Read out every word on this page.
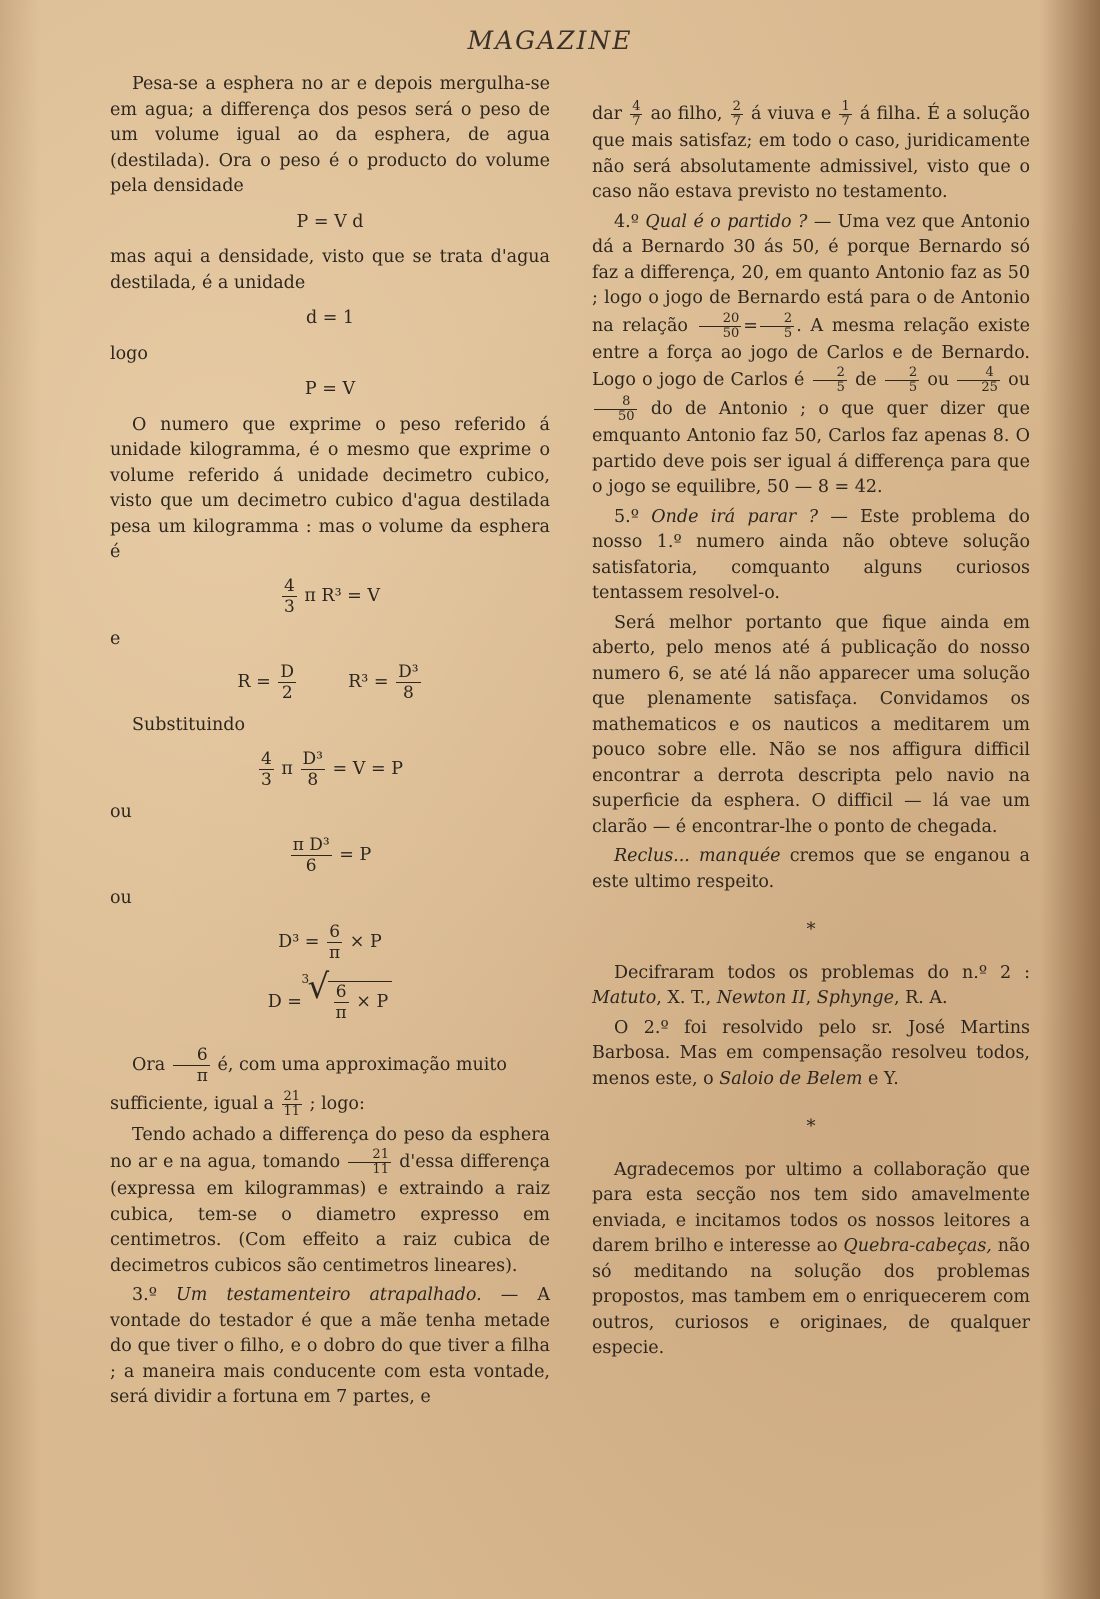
MAGAZINE

Pesa-se a esphera no ar e depois mergulha-se em agua; a differença dos pesos será o peso de um volume igual ao da esphera, de agua (destilada). Ora o peso é o producto do volume pela densidade

P = V d

mas aqui a densidade, visto que se trata d'agua destilada, é a unidade

d = 1
logo
P = V

O numero que exprime o peso referido á unidade kilogramma, é o mesmo que exprime o volume referido á unidade decimetro cubico, visto que um decimetro cubico d'agua destilada pesa um kilogramma : mas o volume da esphera é

$\frac{4}{3}$ π R³ = V
e
$R = \frac{D}{2}$	$R^3 = \frac{\text{D³}}{8}$
Substituindo
$\frac{4}{3}$ π $\frac{\text{D³}}{8} = V = P$
ou
$\frac{\text{π D³}}{6} = P$
ou
$D^3 = \frac{6}{\pi} \times P$
D =
3
√ $\frac{6}{\pi} \times P$

Ora $\frac{6}{\pi}$ é, com uma approximação muito

sufficiente, igual a $\frac{21}{11}$ ; logo:

Tendo achado a differença do peso da esphera no ar e na agua, tomando $\frac{21}{11}$ d'essa differença (expressa em kilogrammas) e extraindo a raiz cubica, tem-se o diametro expresso em centimetros. (Com effeito a raiz cubica de decimetros cubicos são centimetros lineares).

3.º Um testamenteiro atrapalhado. — A vontade do testador é que a mãe tenha metade do que tiver o filho, e o dobro do que tiver a filha ; a maneira mais conducente com esta vontade, será dividir a fortuna em 7 partes, e

dar $\frac{4}{7}$ ao filho, $\frac{2}{7}$ á viuva e $\frac{1}{7}$ á filha. É a solução que mais satisfaz; em todo o caso, juridicamente não será absolutamente admissivel, visto que o caso não estava previsto no testamento.

4.º Qual é o partido ? — Uma vez que Antonio dá a Bernardo 30 ás 50, é porque Bernardo só faz a differença, 20, em quanto Antonio faz as 50 ; logo o jogo de Bernardo está para o de Antonio na relação $\frac{20}{50} = \frac{2}{5}$ . A mesma relação existe entre a força ao jogo de Carlos e de Bernardo. Logo o jogo de Carlos é $\frac{2}{5}$ de $\frac{2}{5}$ ou $\frac{4}{25}$ ou
$\frac{8}{50}$ do de Antonio ; o que quer dizer que emquanto Antonio faz 50, Carlos faz apenas 8. O partido deve pois ser igual á differença para que o jogo se equilibre, 50 — 8 = 42.

5.º Onde irá parar ? — Este problema do nosso 1.º numero ainda não obteve solução satisfatoria, comquanto alguns curiosos tentassem resolvel-o.

Será melhor portanto que fique ainda em aberto, pelo menos até á publicação do nosso numero 6, se até lá não apparecer uma solução que plenamente satisfaça. Convidamos os mathematicos e os nauticos a meditarem um pouco sobre elle. Não se nos affigura difficil encontrar a derrota descripta pelo navio na superficie da esphera. O difficil — lá vae um clarão — é encontrar-lhe o ponto de chegada.

Reclus... manquée cremos que se enganou a este ultimo respeito.

*

Decifraram todos os problemas do n.º 2 : Matuto, X. T., Newton II, Sphynge, R. A.

O 2.º foi resolvido pelo sr. José Martins Barbosa. Mas em compensação resolveu todos, menos este, o Saloio de Belem e Y.

*

Agradecemos por ultimo a collaboração que para esta secção nos tem sido amavelmente enviada, e incitamos todos os nossos leitores a darem brilho e interesse ao Quebra-cabeças, não só meditando na solução dos problemas propostos, mas tambem em o enriquecerem com outros, curiosos e originaes, de qualquer especie.
